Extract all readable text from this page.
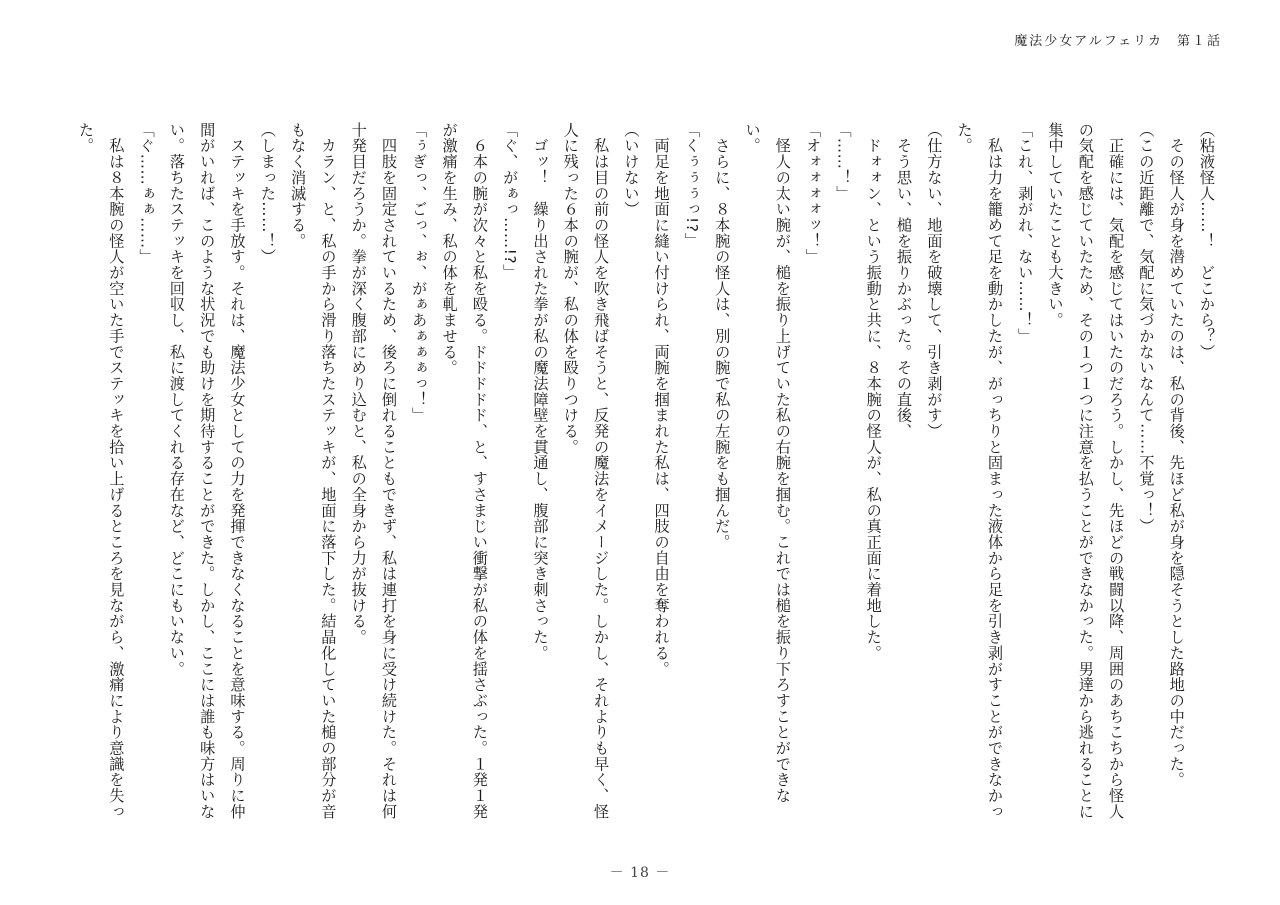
魔法少女アルフェリカ 第１話

（粘液怪人……！　どこから？）

　その怪人が身を潜めていたのは、私の背後、先ほど私が身を隠そうとした路地の中だった。

（この近距離で、気配に気づかないなんて……不覚っ！）

　正確には、気配を感じてはいたのだろう。しかし、先ほどの戦闘以降、周囲のあちこちから怪人の気配を感じていたため、その１つ１つに注意を払うことができなかった。男達から逃れることに集中していたことも大きい。

「これ、剥がれ、ない……！」

　私は力を籠めて足を動かしたが、がっちりと固まった液体から足を引き剥がすことができなかった。

（仕方ない、地面を破壊して、引き剥がす）

　そう思い、槌を振りかぶった。その直後、

　ドォォン、という振動と共に、８本腕の怪人が、私の真正面に着地した。

「……！」

「オォォォォッ！」

　怪人の太い腕が、槌を振り上げていた私の右腕を掴む。これでは槌を振り下ろすことができない。

　さらに、８本腕の怪人は、別の腕で私の左腕をも掴んだ。

「くぅぅぅっ!?」

　両足を地面に縫い付けられ、両腕を掴まれた私は、四肢の自由を奪われる。

（いけない）

　私は目の前の怪人を吹き飛ばそうと、反発の魔法をイメージした。しかし、それよりも早く、怪人に残った６本の腕が、私の体を殴りつける。

　ゴッ！　繰り出された拳が私の魔法障壁を貫通し、腹部に突き刺さった。

「ぐ、がぁっ……!?」

　６本の腕が次々と私を殴る。ドドドドド、と、すさまじい衝撃が私の体を揺さぶった。１発１発が激痛を生み、私の体を軋ませる。

「ぅぎっ、ごっ、ぉ、がぁあぁぁぁっ！」

　四肢を固定されているため、後ろに倒れることもできず、私は連打を身に受け続けた。それは何十発目だろうか。拳が深く腹部にめり込むと、私の全身から力が抜ける。

　カラン、と、私の手から滑り落ちたステッキが、地面に落下した。結晶化していた槌の部分が音もなく消滅する。

（しまった……！）

　ステッキを手放す。それは、魔法少女としての力を発揮できなくなることを意味する。周りに仲間がいれば、このような状況でも助けを期待することができた。しかし、ここには誰も味方はいない。落ちたステッキを回収し、私に渡してくれる存在など、どこにもいない。

「ぐ……ぁぁ……」

　私は８本腕の怪人が空いた手でステッキを拾い上げるところを見ながら、激痛により意識を失った。

－ 18 －
